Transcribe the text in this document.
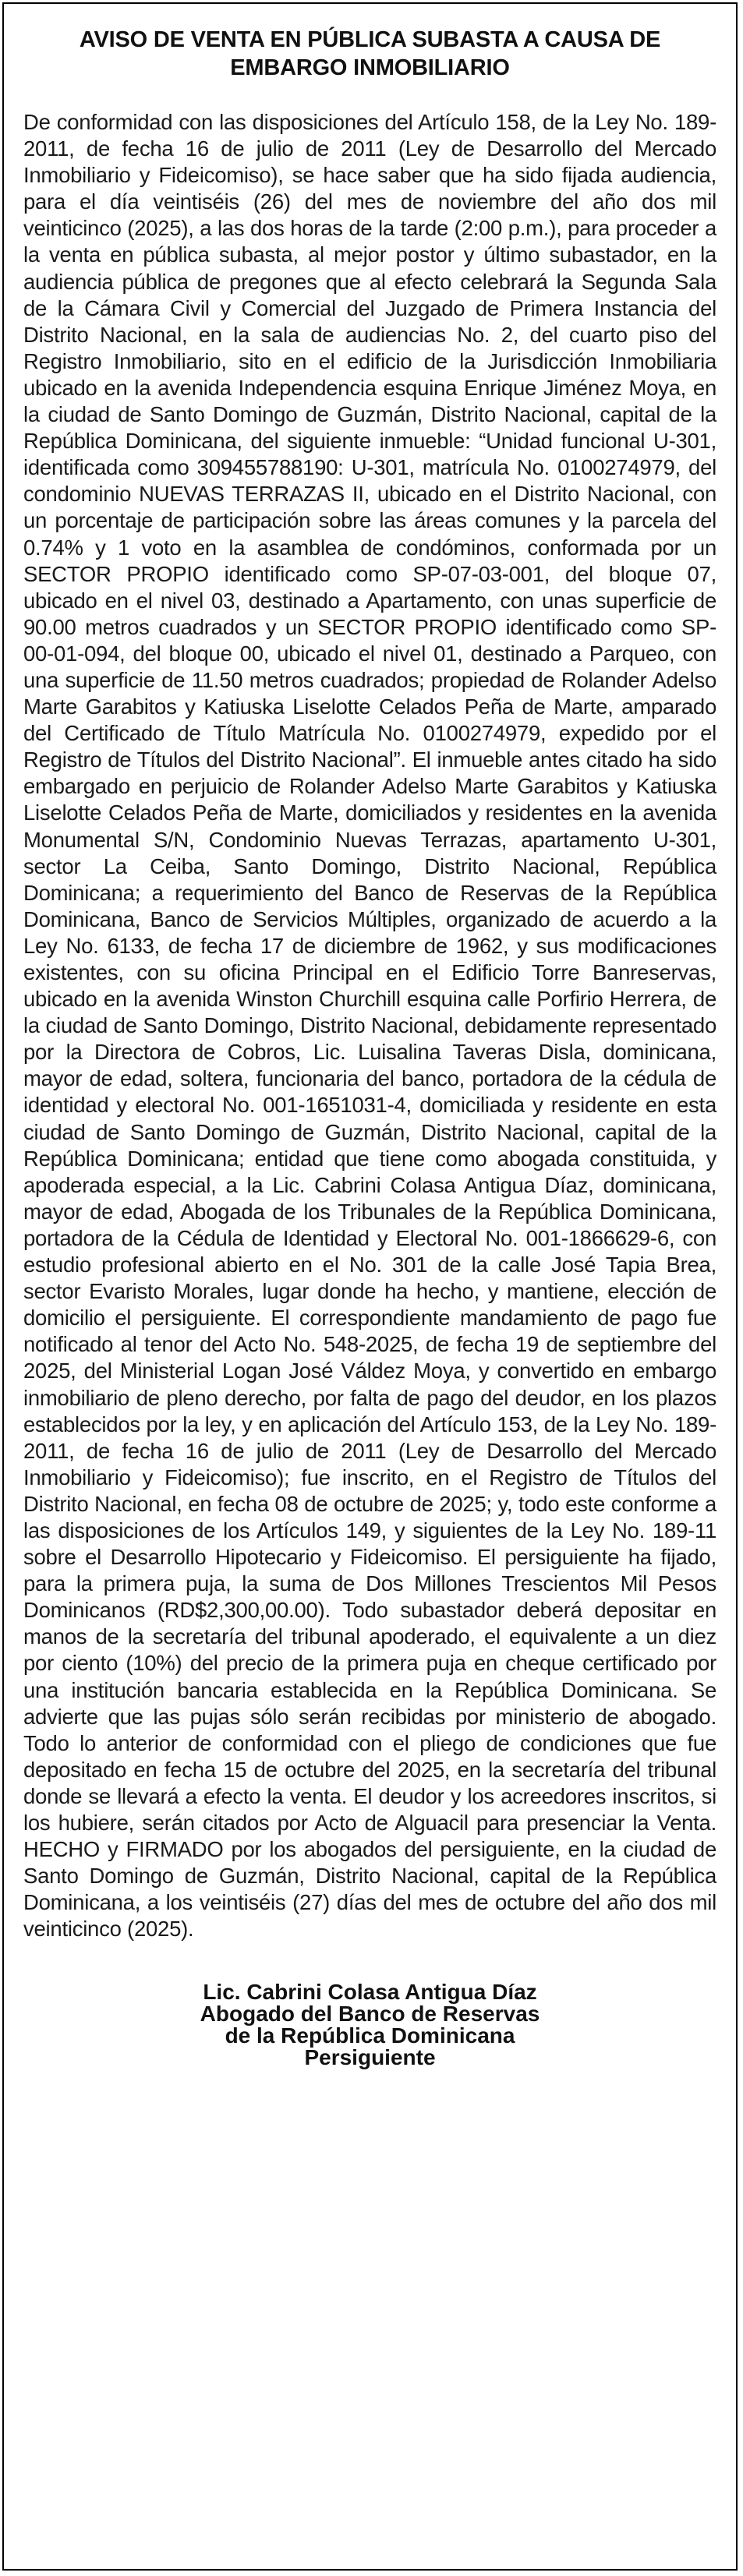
AVISO DE VENTA EN PÚBLICA SUBASTA A CAUSA DE EMBARGO INMOBILIARIO

De conformidad con las disposiciones del Artículo 158, de la Ley No. 189-2011, de fecha 16 de julio de 2011 (Ley de Desarrollo del Mercado Inmobiliario y Fideicomiso), se hace saber que ha sido fijada audiencia, para el día veintiséis (26) del mes de noviembre del año dos mil veinticinco (2025), a las dos horas de la tarde (2:00 p.m.), para proceder a la venta en pública subasta, al mejor postor y último subastador, en la audiencia pública de pregones que al efecto celebrará la Segunda Sala de la Cámara Civil y Comercial del Juzgado de Primera Instancia del Distrito Nacional, en la sala de audiencias No. 2, del cuarto piso del Registro Inmobiliario, sito en el edificio de la Jurisdicción Inmobiliaria ubicado en la avenida Independencia esquina Enrique Jiménez Moya, en la ciudad de Santo Domingo de Guzmán, Distrito Nacional, capital de la República Dominicana, del siguiente inmueble: “Unidad funcional U-301, identificada como 309455788190: U-301, matrícula No. 0100274979, del condominio NUEVAS TERRAZAS II, ubicado en el Distrito Nacional, con un porcentaje de participación sobre las áreas comunes y la parcela del 0.74% y 1 voto en la asamblea de condóminos, conformada por un SECTOR PROPIO identificado como SP-07-03-001, del bloque 07, ubicado en el nivel 03, destinado a Apartamento, con unas superficie de 90.00 metros cuadrados y un SECTOR PROPIO identificado como SP-00-01-094, del bloque 00, ubicado el nivel 01, destinado a Parqueo, con una superficie de 11.50 metros cuadrados; propiedad de Rolander Adelso Marte Garabitos y Katiuska Liselotte Celados Peña de Marte, amparado del Certificado de Título Matrícula No. 0100274979, expedido por el Registro de Títulos del Distrito Nacional”. El inmueble antes citado ha sido embargado en perjuicio de Rolander Adelso Marte Garabitos y Katiuska Liselotte Celados Peña de Marte, domiciliados y residentes en la avenida Monumental S/N, Condominio Nuevas Terrazas, apartamento U-301, sector La Ceiba, Santo Domingo, Distrito Nacional, República Dominicana; a requerimiento del Banco de Reservas de la República Dominicana, Banco de Servicios Múltiples, organizado de acuerdo a la Ley No. 6133, de fecha 17 de diciembre de 1962, y sus modificaciones existentes, con su oficina Principal en el Edificio Torre Banreservas, ubicado en la avenida Winston Churchill esquina calle Porfirio Herrera, de la ciudad de Santo Domingo, Distrito Nacional, debidamente representado por la Directora de Cobros, Lic. Luisalina Taveras Disla, dominicana, mayor de edad, soltera, funcionaria del banco, portadora de la cédula de identidad y electoral No. 001-1651031-4, domiciliada y residente en esta ciudad de Santo Domingo de Guzmán, Distrito Nacional, capital de la República Dominicana; entidad que tiene como abogada constituida, y apoderada especial, a la Lic. Cabrini Colasa Antigua Díaz, dominicana, mayor de edad, Abogada de los Tribunales de la República Dominicana, portadora de la Cédula de Identidad y Electoral No. 001-1866629-6, con estudio profesional abierto en el No. 301 de la calle José Tapia Brea, sector Evaristo Morales, lugar donde ha hecho, y mantiene, elección de domicilio el persiguiente. El correspondiente mandamiento de pago fue notificado al tenor del Acto No. 548-2025, de fecha 19 de septiembre del 2025, del Ministerial Logan José Váldez Moya, y convertido en embargo inmobiliario de pleno derecho, por falta de pago del deudor, en los plazos establecidos por la ley, y en aplicación del Artículo 153, de la Ley No. 189-2011, de fecha 16 de julio de 2011 (Ley de Desarrollo del Mercado Inmobiliario y Fideicomiso); fue inscrito, en el Registro de Títulos del Distrito Nacional, en fecha 08 de octubre de 2025; y, todo este conforme a las disposiciones de los Artículos 149, y siguientes de la Ley No. 189-11 sobre el Desarrollo Hipotecario y Fideicomiso. El persiguiente ha fijado, para la primera puja, la suma de Dos Millones Trescientos Mil Pesos Dominicanos (RD$2,300,00.00). Todo subastador deberá depositar en manos de la secretaría del tribunal apoderado, el equivalente a un diez por ciento (10%) del precio de la primera puja en cheque certificado por una institución bancaria establecida en la República Dominicana. Se advierte que las pujas sólo serán recibidas por ministerio de abogado. Todo lo anterior de conformidad con el pliego de condiciones que fue depositado en fecha 15 de octubre del 2025, en la secretaría del tribunal donde se llevará a efecto la venta. El deudor y los acreedores inscritos, si los hubiere, serán citados por Acto de Alguacil para presenciar la Venta. HECHO y FIRMADO por los abogados del persiguiente, en la ciudad de Santo Domingo de Guzmán, Distrito Nacional, capital de la República Dominicana, a los veintiséis (27) días del mes de octubre del año dos mil veinticinco (2025).

Lic. Cabrini Colasa Antigua Díaz
Abogado del Banco de Reservas
de la República Dominicana
Persiguiente
